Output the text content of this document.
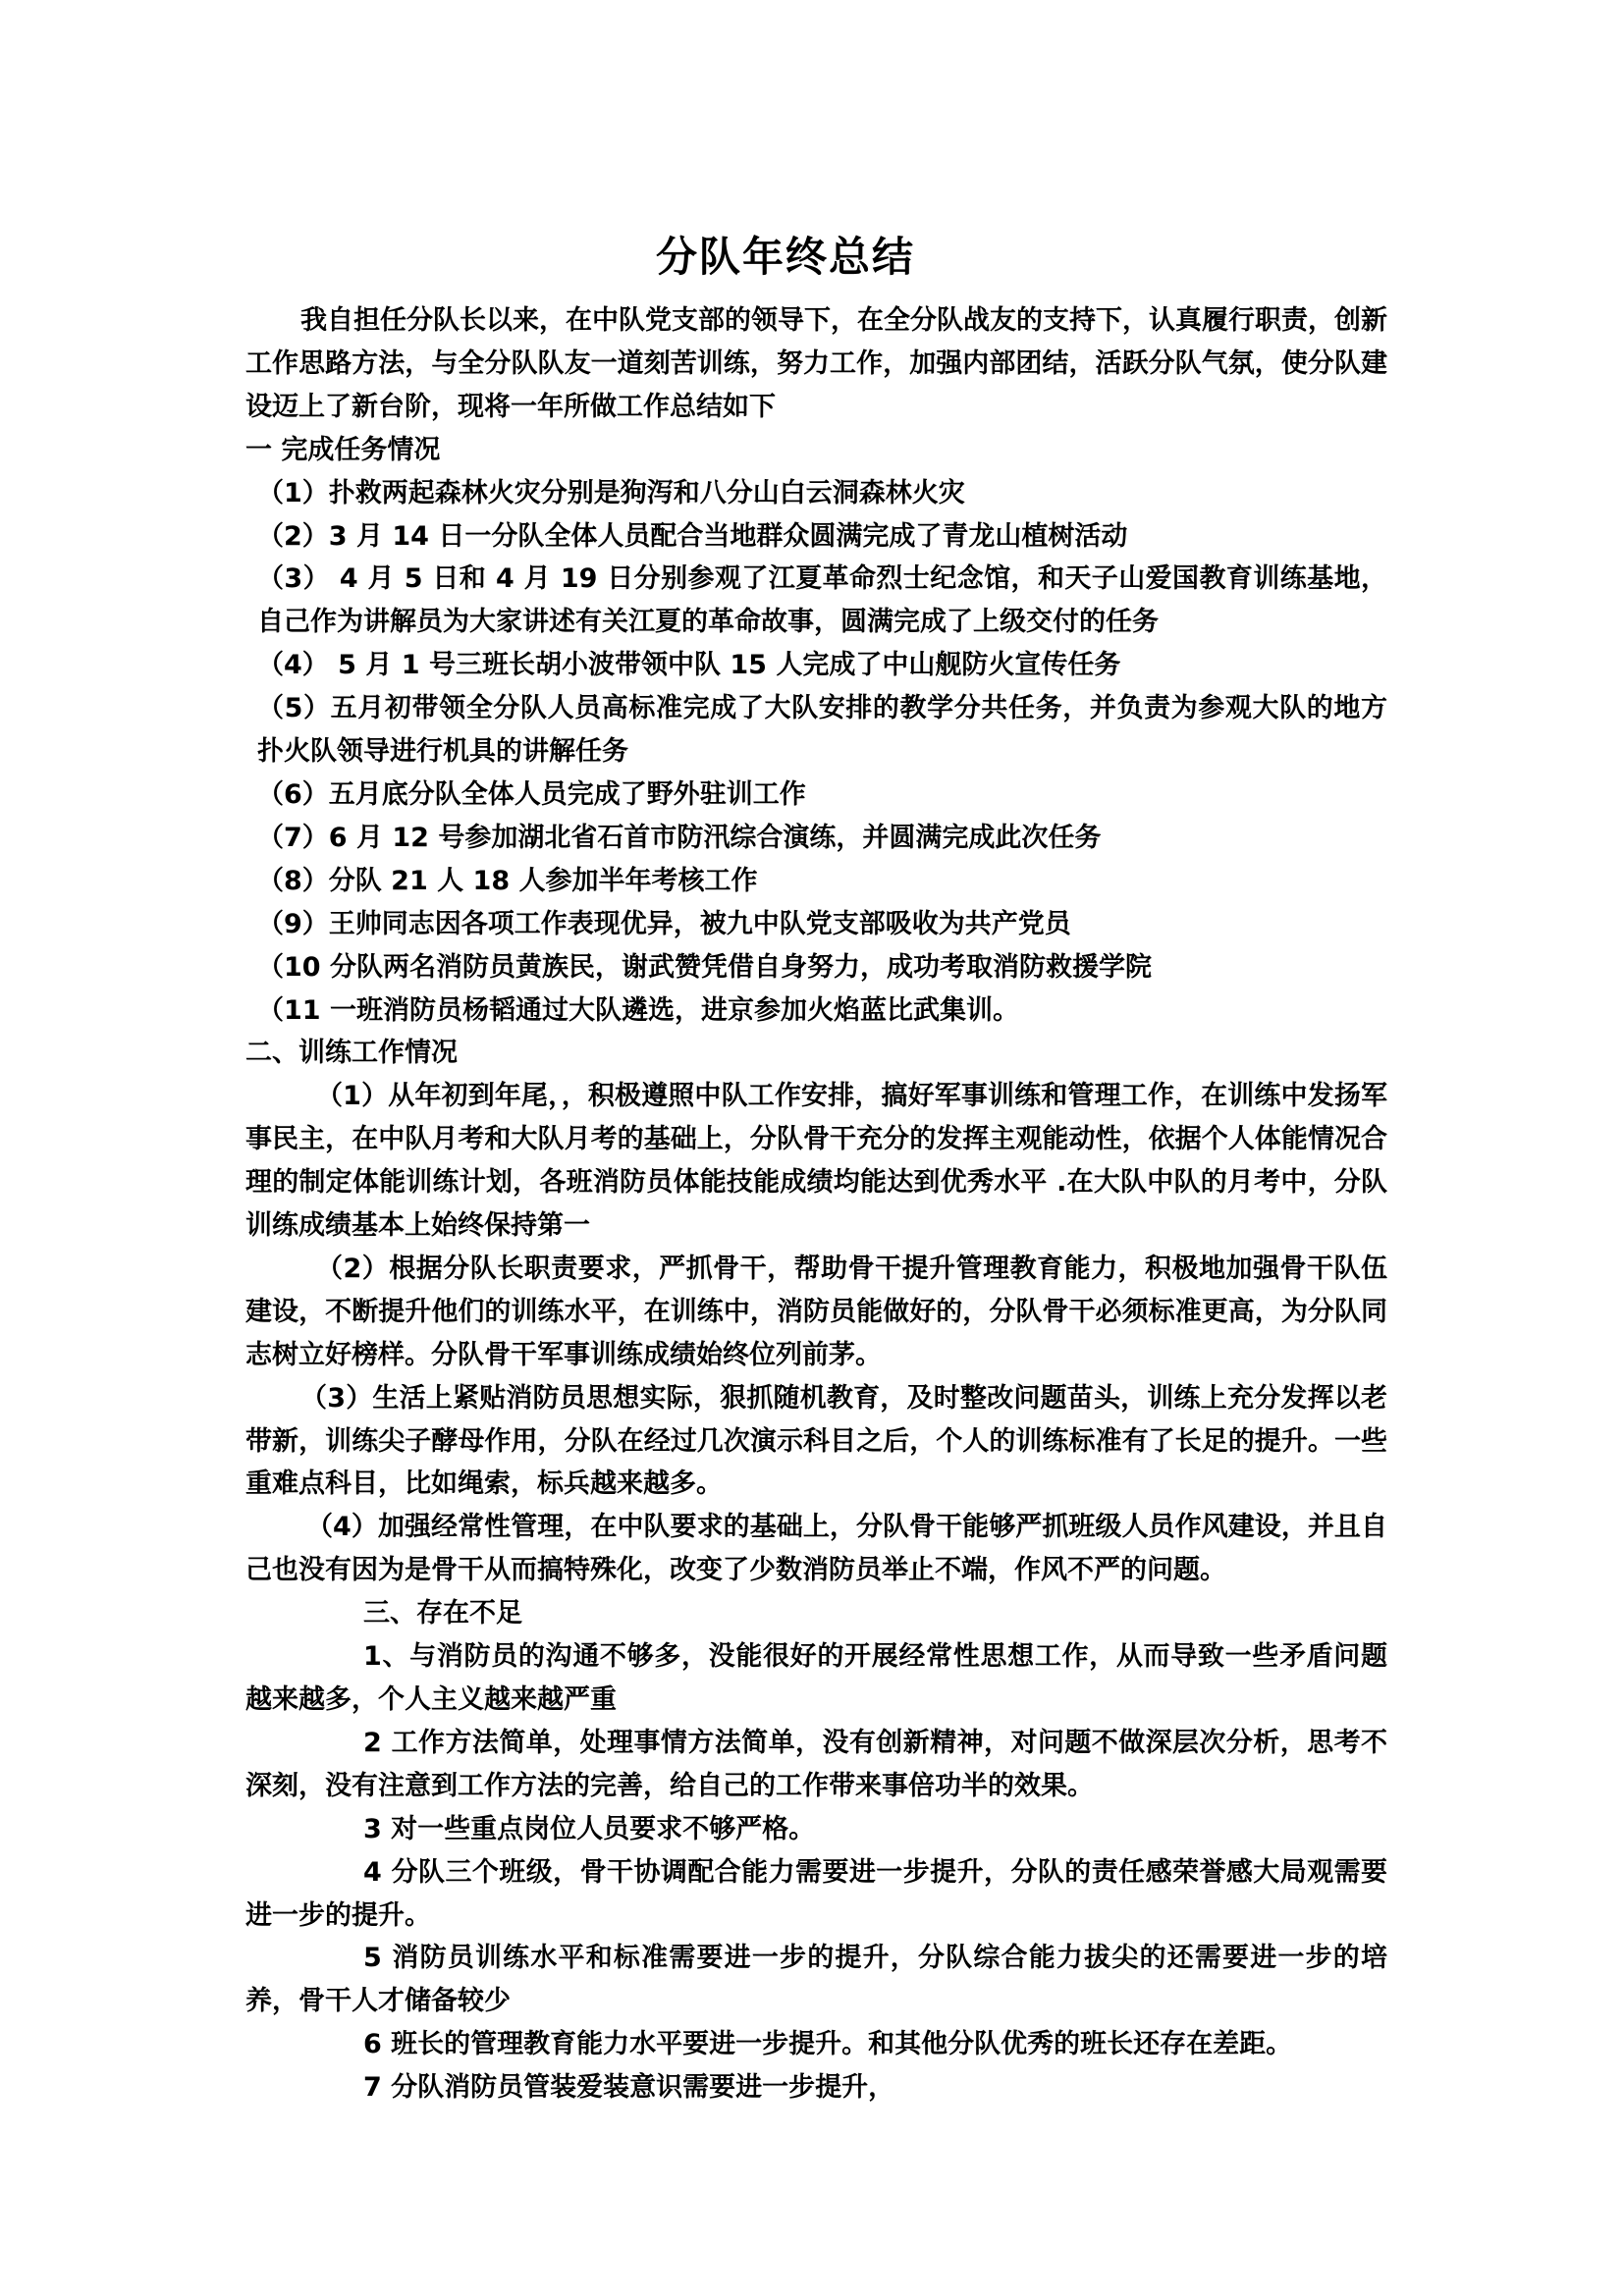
分队年终总结

我自担任分队长以来，在中队党支部的领导下，在全分队战友的支持下，认真履行职责，创新工作思路方法，与全分队队友一道刻苦训练，努力工作，加强内部团结，活跃分队气氛，使分队建设迈上了新台阶，现将一年所做工作总结如下

一 完成任务情况

（1）扑救两起森林火灾分别是狗泻和八分山白云洞森林火灾

（2）3 月 14 日一分队全体人员配合当地群众圆满完成了青龙山植树活动

（3） 4 月 5 日和 4 月 19 日分别参观了江夏革命烈士纪念馆，和天子山爱国教育训练基地，自己作为讲解员为大家讲述有关江夏的革命故事，圆满完成了上级交付的任务

（4） 5 月 1 号三班长胡小波带领中队 15 人完成了中山舰防火宣传任务

（5）五月初带领全分队人员高标准完成了大队安排的教学分共任务，并负责为参观大队的地方扑火队领导进行机具的讲解任务

（6）五月底分队全体人员完成了野外驻训工作

（7）6 月 12 号参加湖北省石首市防汛综合演练，并圆满完成此次任务

（8）分队 21 人 18 人参加半年考核工作

（9）王帅同志因各项工作表现优异，被九中队党支部吸收为共产党员

（10 分队两名消防员黄族民，谢武赞凭借自身努力，成功考取消防救援学院

（11 一班消防员杨韬通过大队遴选，进京参加火焰蓝比武集训。

二、训练工作情况

（1）从年初到年尾，，积极遵照中队工作安排，搞好军事训练和管理工作，在训练中发扬军事民主，在中队月考和大队月考的基础上，分队骨干充分的发挥主观能动性，依据个人体能情况合理的制定体能训练计划，各班消防员体能技能成绩均能达到优秀水平 .在大队中队的月考中，分队训练成绩基本上始终保持第一

（2）根据分队长职责要求，严抓骨干，帮助骨干提升管理教育能力，积极地加强骨干队伍建设，不断提升他们的训练水平，在训练中，消防员能做好的，分队骨干必须标准更高，为分队同志树立好榜样。分队骨干军事训练成绩始终位列前茅。

（3）生活上紧贴消防员思想实际，狠抓随机教育，及时整改问题苗头，训练上充分发挥以老带新，训练尖子酵母作用，分队在经过几次演示科目之后，个人的训练标准有了长足的提升。一些重难点科目，比如绳索，标兵越来越多。

（4）加强经常性管理，在中队要求的基础上，分队骨干能够严抓班级人员作风建设，并且自己也没有因为是骨干从而搞特殊化，改变了少数消防员举止不端，作风不严的问题。

三、存在不足

1、与消防员的沟通不够多，没能很好的开展经常性思想工作，从而导致一些矛盾问题越来越多，个人主义越来越严重

2 工作方法简单，处理事情方法简单，没有创新精神，对问题不做深层次分析，思考不深刻，没有注意到工作方法的完善，给自己的工作带来事倍功半的效果。

3 对一些重点岗位人员要求不够严格。

4 分队三个班级，骨干协调配合能力需要进一步提升，分队的责任感荣誉感大局观需要进一步的提升。

5 消防员训练水平和标准需要进一步的提升，分队综合能力拔尖的还需要进一步的培养，骨干人才储备较少

6 班长的管理教育能力水平要进一步提升。和其他分队优秀的班长还存在差距。

7 分队消防员管装爱装意识需要进一步提升，
